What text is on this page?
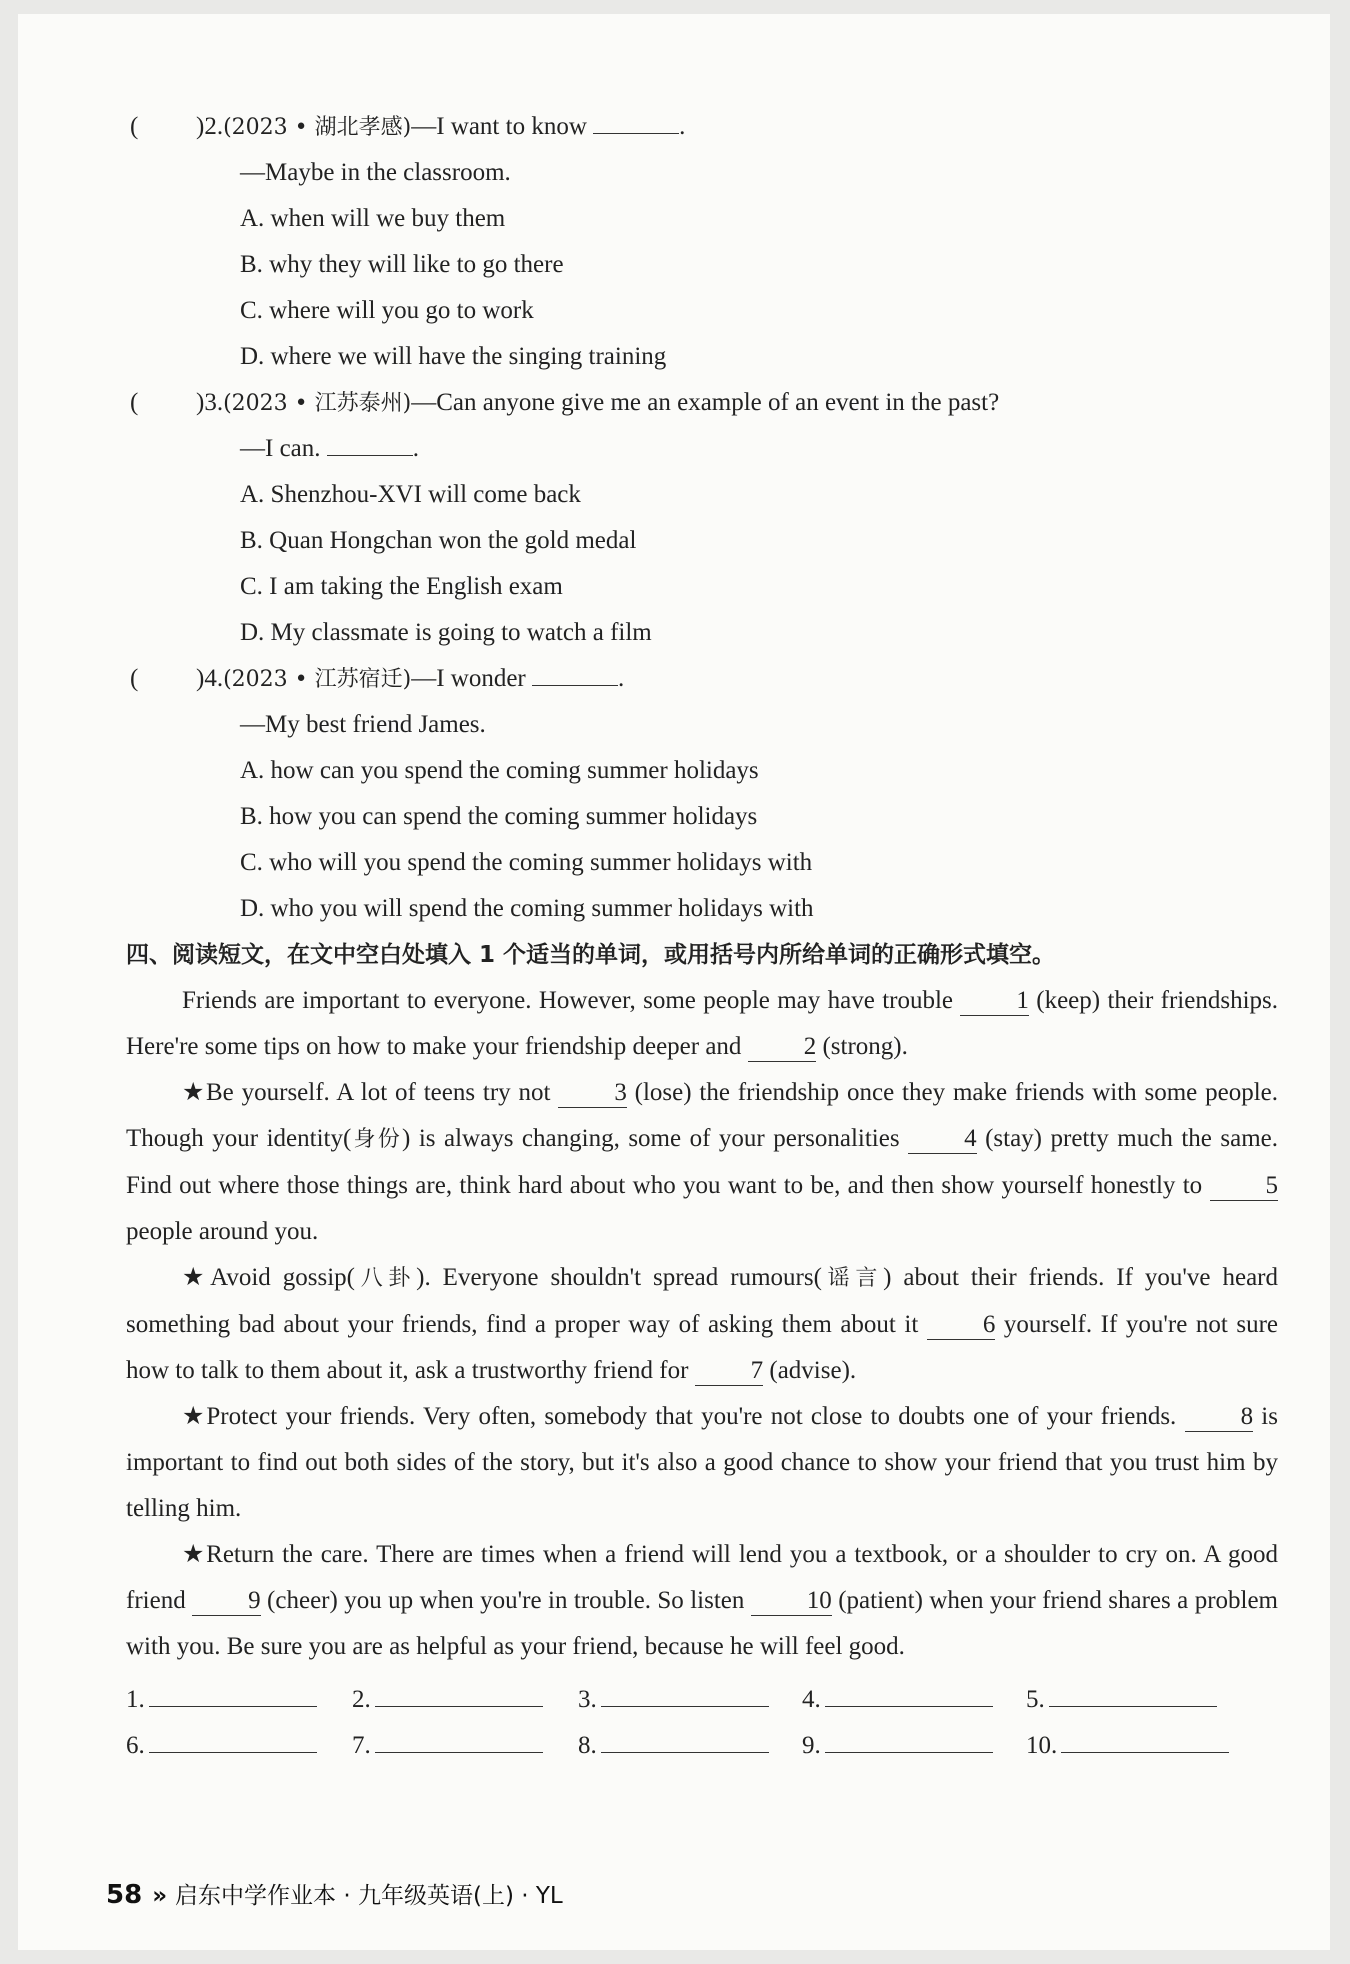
( )2.(2023 • 湖北孝感)—I want to know	.
—Maybe in the classroom.
A. when will we buy them
B. why they will like to go there
C. where will you go to work
D. where we will have the singing training
( )3.(2023 • 江苏泰州)—Can anyone give me an example of an event in the past?
—I can.	.
A. Shenzhou-XVI will come back
B. Quan Hongchan won the gold medal
C. I am taking the English exam
D. My classmate is going to watch a film
( )4.(2023 • 江苏宿迁)—I wonder	.
—My best friend James.
A. how can you spend the coming summer holidays
B. how you can spend the coming summer holidays
C. who will you spend the coming summer holidays with
D. who you will spend the coming summer holidays with
四、阅读短文，在文中空白处填入 1 个适当的单词，或用括号内所给单词的正确形式填空。

Friends are important to everyone. However, some people may have trouble 1 (keep) their friendships. Here're some tips on how to make your friendship deeper and 2 (strong).

★Be yourself. A lot of teens try not 3 (lose) the friendship once they make friends with some people. Though your identity(身份) is always changing, some of your personalities 4 (stay) pretty much the same. Find out where those things are, think hard about who you want to be, and then show yourself honestly to 5 people around you.

★Avoid gossip(八卦). Everyone shouldn't spread rumours(谣言) about their friends. If you've heard something bad about your friends, find a proper way of asking them about it 6 yourself. If you're not sure how to talk to them about it, ask a trustworthy friend for 7 (advise).

★Protect your friends. Very often, somebody that you're not close to doubts one of your friends. 8 is important to find out both sides of the story, but it's also a good chance to show your friend that you trust him by telling him.

★Return the care. There are times when a friend will lend you a textbook, or a shoulder to cry on. A good friend 9 (cheer) you up when you're in trouble. So listen 10 (patient) when your friend shares a problem with you. Be sure you are as helpful as your friend, because he will feel good.

1.	2.	3.	4.	5.
6.	7.	8.	9.	10.
58 » 启东中学作业本 · 九年级英语(上) · YL
